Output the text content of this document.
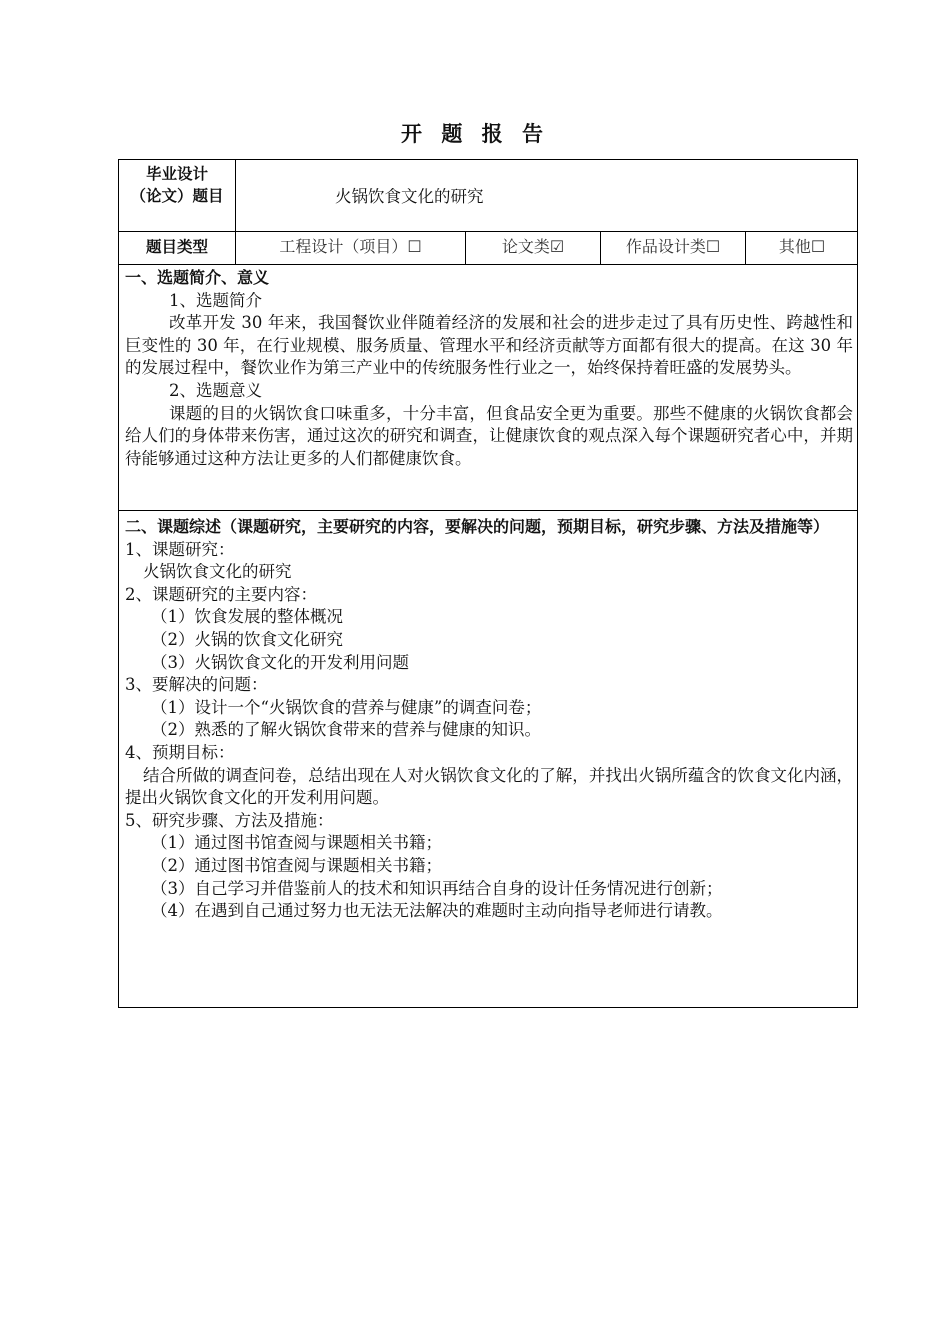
开 题 报 告
毕业设计
（论文）题目	火锅饮食文化的研究
题目类型	工程设计（项目）☐	论文类☑	作品设计类☐	其他☐

一、选题简介、意义

1、选题简介

改革开发 30 年来，我国餐饮业伴随着经济的发展和社会的进步走过了具有历史性、跨越性和巨变性的 30 年，在行业规模、服务质量、管理水平和经济贡献等方面都有很大的提高。在这 30 年的发展过程中，餐饮业作为第三产业中的传统服务性行业之一，始终保持着旺盛的发展势头。

2、选题意义

课题的目的火锅饮食口味重多，十分丰富，但食品安全更为重要。那些不健康的火锅饮食都会给人们的身体带来伤害，通过这次的研究和调查，让健康饮食的观点深入每个课题研究者心中，并期待能够通过这种方法让更多的人们都健康饮食。

二、课题综述（课题研究，主要研究的内容，要解决的问题，预期目标，研究步骤、方法及措施等）

1、课题研究：

火锅饮食文化的研究

2、课题研究的主要内容：

（1）饮食发展的整体概况

（2）火锅的饮食文化研究

（3）火锅饮食文化的开发利用问题

3、要解决的问题：

（1）设计一个“火锅饮食的营养与健康”的调查问卷；

（2）熟悉的了解火锅饮食带来的营养与健康的知识。

4、预期目标：

结合所做的调查问卷，总结出现在人对火锅饮食文化的了解，并找出火锅所蕴含的饮食文化内涵，提出火锅饮食文化的开发利用问题。

5、研究步骤、方法及措施：

（1）通过图书馆查阅与课题相关书籍；

（2）通过图书馆查阅与课题相关书籍；

（3）自己学习并借鉴前人的技术和知识再结合自身的设计任务情况进行创新；

（4）在遇到自己通过努力也无法无法解决的难题时主动向指导老师进行请教。
